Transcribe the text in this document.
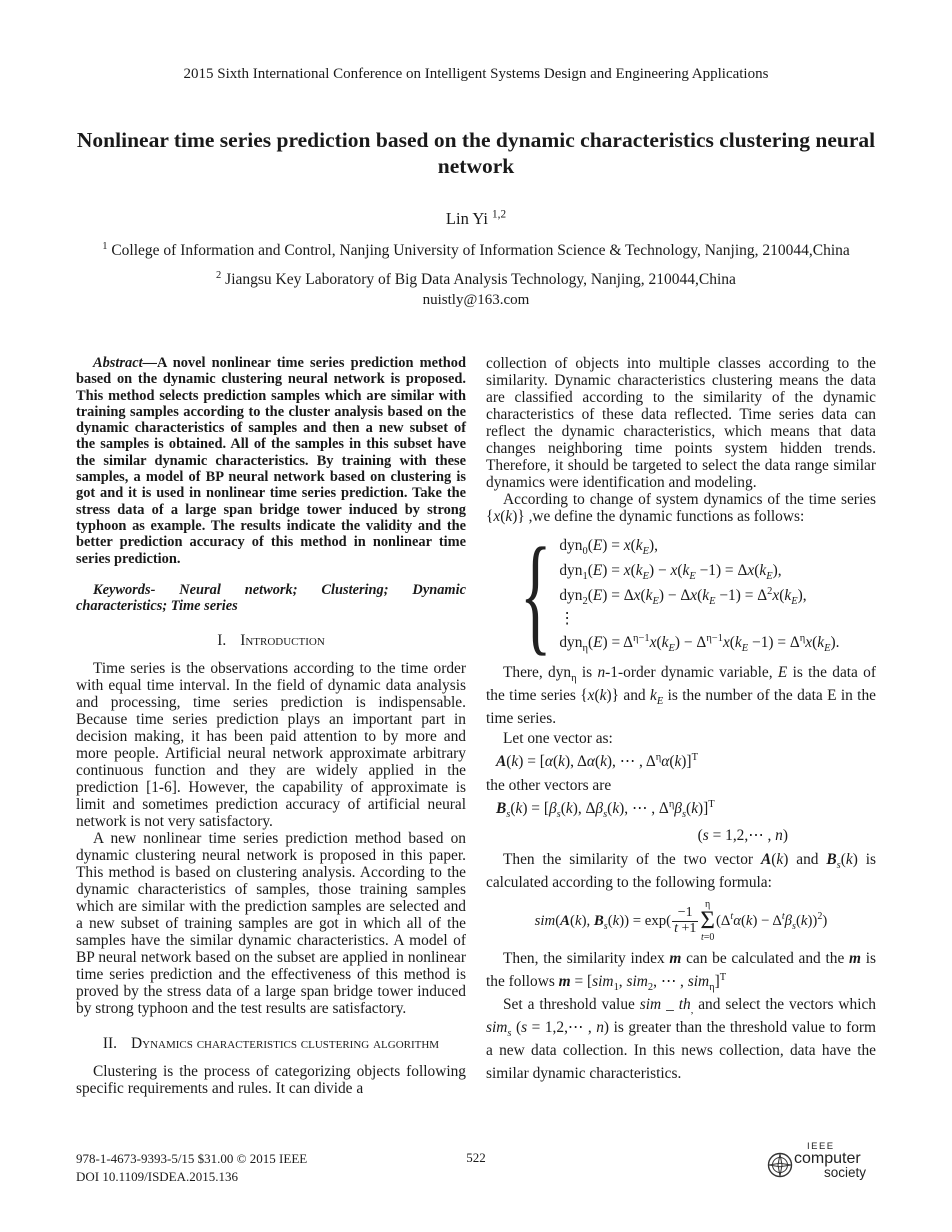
2015 Sixth International Conference on Intelligent Systems Design and Engineering Applications
Nonlinear time series prediction based on the dynamic characteristics clustering neural network
Lin Yi $^{1,2}$
$^1$ College of Information and Control, Nanjing University of Information Science & Technology, Nanjing, 210044,China
$^2$ Jiangsu Key Laboratory of Big Data Analysis Technology, Nanjing, 210044,China
nuistly@163.com

Abstract—A novel nonlinear time series prediction method based on the dynamic clustering neural network is proposed. This method selects prediction samples which are similar with training samples according to the cluster analysis based on the dynamic characteristics of samples and then a new subset of the samples is obtained. All of the samples in this subset have the similar dynamic characteristics. By training with these samples, a model of BP neural network based on clustering is got and it is used in nonlinear time series prediction. Take the stress data of a large span bridge tower induced by strong typhoon as example. The results indicate the validity and the better prediction accuracy of this method in nonlinear time series prediction.

Keywords- Neural network; Clustering; Dynamic characteristics; Time series

I. Introduction

Time series is the observations according to the time order with equal time interval. In the field of dynamic data analysis and processing, time series prediction is indispensable. Because time series prediction plays an important part in decision making, it has been paid attention to by more and more people. Artificial neural network approximate arbitrary continuous function and they are widely applied in the prediction [1-6]. However, the capability of approximate is limit and sometimes prediction accuracy of artificial neural network is not very satisfactory.

A new nonlinear time series prediction method based on dynamic clustering neural network is proposed in this paper. This method is based on clustering analysis. According to the dynamic characteristics of samples, those training samples which are similar with the prediction samples are selected and a new subset of training samples are got in which all of the samples have the similar dynamic characteristics. A model of BP neural network based on the subset are applied in nonlinear time series prediction and the effectiveness of this method is proved by the stress data of a large span bridge tower induced by strong typhoon and the test results are satisfactory.

II. Dynamics characteristics clustering algorithm

Clustering is the process of categorizing objects following specific requirements and rules. It can divide a

collection of objects into multiple classes according to the similarity. Dynamic characteristics clustering means the data are classified according to the similarity of the dynamic characteristics of these data reflected. Time series data can reflect the dynamic characteristics, which means that data changes neighboring time points system hidden trends. Therefore, it should be targeted to select the data range similar dynamics were identification and modeling.

According to change of system dynamics of the time series {x(k)} ,we define the dynamic functions as follows:

{ $dyn_0(E) = x(k_E)$,
$dyn_1(E) = x(k_E) - x(k_E -1) = \Delta x(k_E)$,
$dyn_2(E) = \Delta x(k_E) - \Delta x(k_E -1) = \Delta^2x(k_E)$,
⋮
$dyn_\eta(E) = \Delta^{\eta-1}x(k_E) - \Delta^{\eta-1}x(k_E -1) = \Delta^\eta x(k_E)$.

There, dyn$_\eta$ is n-1-order dynamic variable, E is the data of the time series {x(k)} and $k_E$ is the number of the data E in the time series.

Let one vector as:

A(k) = [α(k), Δα(k), ⋯ , $\Delta^\eta\alpha(k)]^T$

the other vectors are

$B_s(k) = [\beta_s(k)$, $\Delta\beta_s(k)$, ⋯ , $\Delta^\eta\beta_s(k)]^T$
(s = 1,2,⋯ , n)

Then the similarity of the two vector A(k) and $B_s(k)$ is calculated according to the following formula:

sim(A(k), $B_s(k)) = \exp( \frac{-1}{t +1}$
η
Σ
t=0
$(\Delta^t\alpha(k) - \Delta^t\beta_s(k))^2$)

Then, the similarity index m can be calculated and the m is the follows m = [sim$_1$, sim$_2$, ⋯ , sim$_\eta$]$^T$

Set a threshold value sim _ $th_,$ and select the vectors which sim$_s$ (s = 1,2,⋯ , n) is greater than the threshold value to form a new data collection. In this news collection, data have the similar dynamic characteristics.

978-1-4673-9393-5/15 $31.00 © 2015 IEEE
DOI 10.1109/ISDEA.2015.136
522
IEEE
computer
society
